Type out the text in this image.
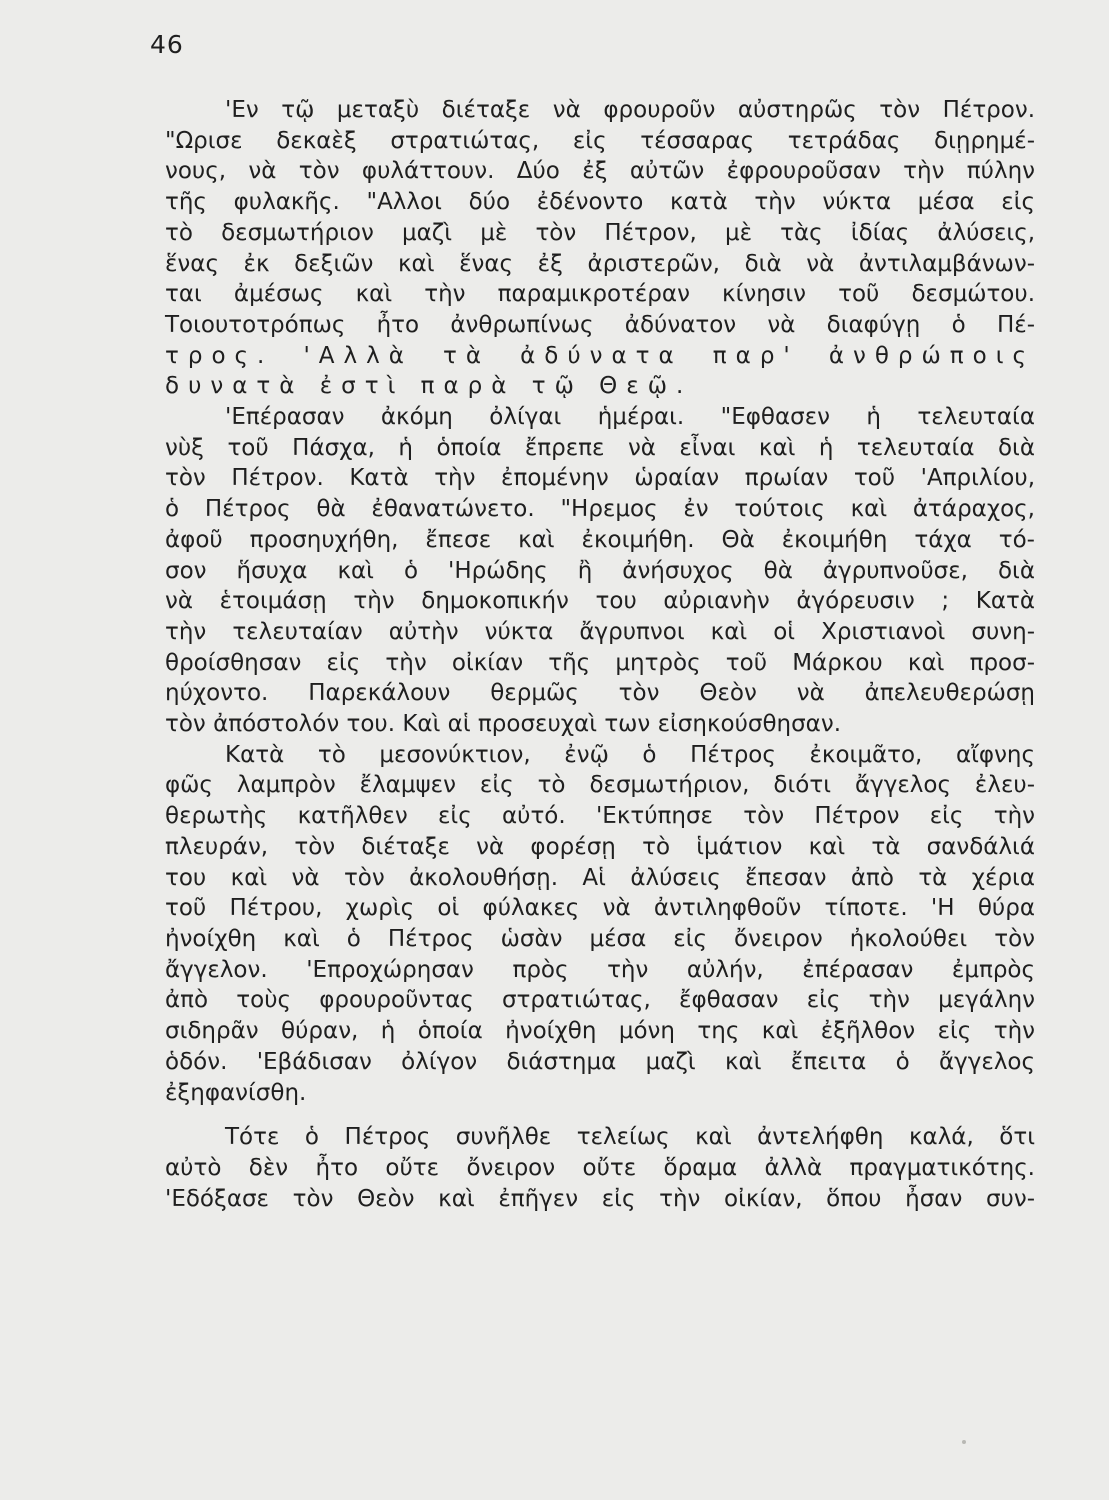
46

'Εν τῷ μεταξὺ διέταξε νὰ φρουροῦν αὐστηρῶς τὸν Πέτρον.
"Ωρισε δεκαὲξ στρατιώτας, εἰς τέσσαρας τετράδας διῃρημέ-
νους, νὰ τὸν φυλάττουν. Δύο ἐξ αὐτῶν ἐφρουροῦσαν τὴν πύλην
τῆς φυλακῆς. "Αλλοι δύο ἐδένοντο κατὰ τὴν νύκτα μέσα εἰς
τὸ δεσμωτήριον μαζὶ μὲ τὸν Πέτρον, μὲ τὰς ἰδίας ἀλύσεις,
ἕνας ἐκ δεξιῶν καὶ ἕνας ἐξ ἀριστερῶν, διὰ νὰ ἀντιλαμβάνων-
ται ἀμέσως καὶ τὴν παραμικροτέραν κίνησιν τοῦ δεσμώτου.
Τοιουτοτρόπως ἦτο ἀνθρωπίνως ἀδύνατον νὰ διαφύγῃ ὁ Πέ-
τρος. 'Αλλὰ τὰ ἀδύνατα παρ' ἀνθρώποις
δυνατὰ ἐστὶ παρὰ τῷ Θεῷ.

'Επέρασαν ἀκόμη ὀλίγαι ἡμέραι. "Εφθασεν ἡ τελευταία
νὺξ τοῦ Πάσχα, ἡ ὁποία ἔπρεπε νὰ εἶναι καὶ ἡ τελευταία διὰ
τὸν Πέτρον. Κατὰ τὴν ἐπομένην ὡραίαν πρωίαν τοῦ 'Απριλίου,
ὁ Πέτρος θὰ ἐθανατώνετο. "Ηρεμος ἐν τούτοις καὶ ἀτάραχος,
ἀφοῦ προσηυχήθη, ἔπεσε καὶ ἐκοιμήθη. Θὰ ἐκοιμήθη τάχα τό-
σον ἥσυχα καὶ ὁ 'Ηρώδης ἢ ἀνήσυχος θὰ ἀγρυπνοῦσε, διὰ
νὰ ἑτοιμάσῃ τὴν δημοκοπικήν του αὐριανὴν ἀγόρευσιν ; Κατὰ
τὴν τελευταίαν αὐτὴν νύκτα ἄγρυπνοι καὶ οἱ Χριστιανοὶ συνη-
θροίσθησαν εἰς τὴν οἰκίαν τῆς μητρὸς τοῦ Μάρκου καὶ προσ-
ηύχοντο. Παρεκάλουν θερμῶς τὸν Θεὸν νὰ ἀπελευθερώσῃ
τὸν ἀπόστολόν του. Καὶ αἱ προσευχαὶ των εἰσηκούσθησαν.

Κατὰ τὸ μεσονύκτιον, ἐνῷ ὁ Πέτρος ἐκοιμᾶτο, αἴφνης
φῶς λαμπρὸν ἔλαμψεν εἰς τὸ δεσμωτήριον, διότι ἄγγελος ἐλευ-
θερωτὴς κατῆλθεν εἰς αὐτό. 'Εκτύπησε τὸν Πέτρον εἰς τὴν
πλευράν, τὸν διέταξε νὰ φορέσῃ τὸ ἱμάτιον καὶ τὰ σανδάλιά
του καὶ νὰ τὸν ἀκολουθήσῃ. Αἱ ἀλύσεις ἔπεσαν ἀπὸ τὰ χέρια
τοῦ Πέτρου, χωρὶς οἱ φύλακες νὰ ἀντιληφθοῦν τίποτε. 'Η θύρα
ἠνοίχθη καὶ ὁ Πέτρος ὡσὰν μέσα εἰς ὄνειρον ἠκολούθει τὸν
ἄγγελον. 'Επροχώρησαν πρὸς τὴν αὐλήν, ἐπέρασαν ἐμπρὸς
ἀπὸ τοὺς φρουροῦντας στρατιώτας, ἔφθασαν εἰς τὴν μεγάλην
σιδηρᾶν θύραν, ἡ ὁποία ἠνοίχθη μόνη της καὶ ἐξῆλθον εἰς τὴν
ὁδόν. 'Εβάδισαν ὀλίγον διάστημα μαζὶ καὶ ἔπειτα ὁ ἄγγελος
ἐξηφανίσθη.

Τότε ὁ Πέτρος συνῆλθε τελείως καὶ ἀντελήφθη καλά, ὅτι
αὐτὸ δὲν ἦτο οὔτε ὄνειρον οὔτε ὅραμα ἀλλὰ πραγματικότης.
'Εδόξασε τὸν Θεὸν καὶ ἐπῆγεν εἰς τὴν οἰκίαν, ὅπου ἦσαν συν-
